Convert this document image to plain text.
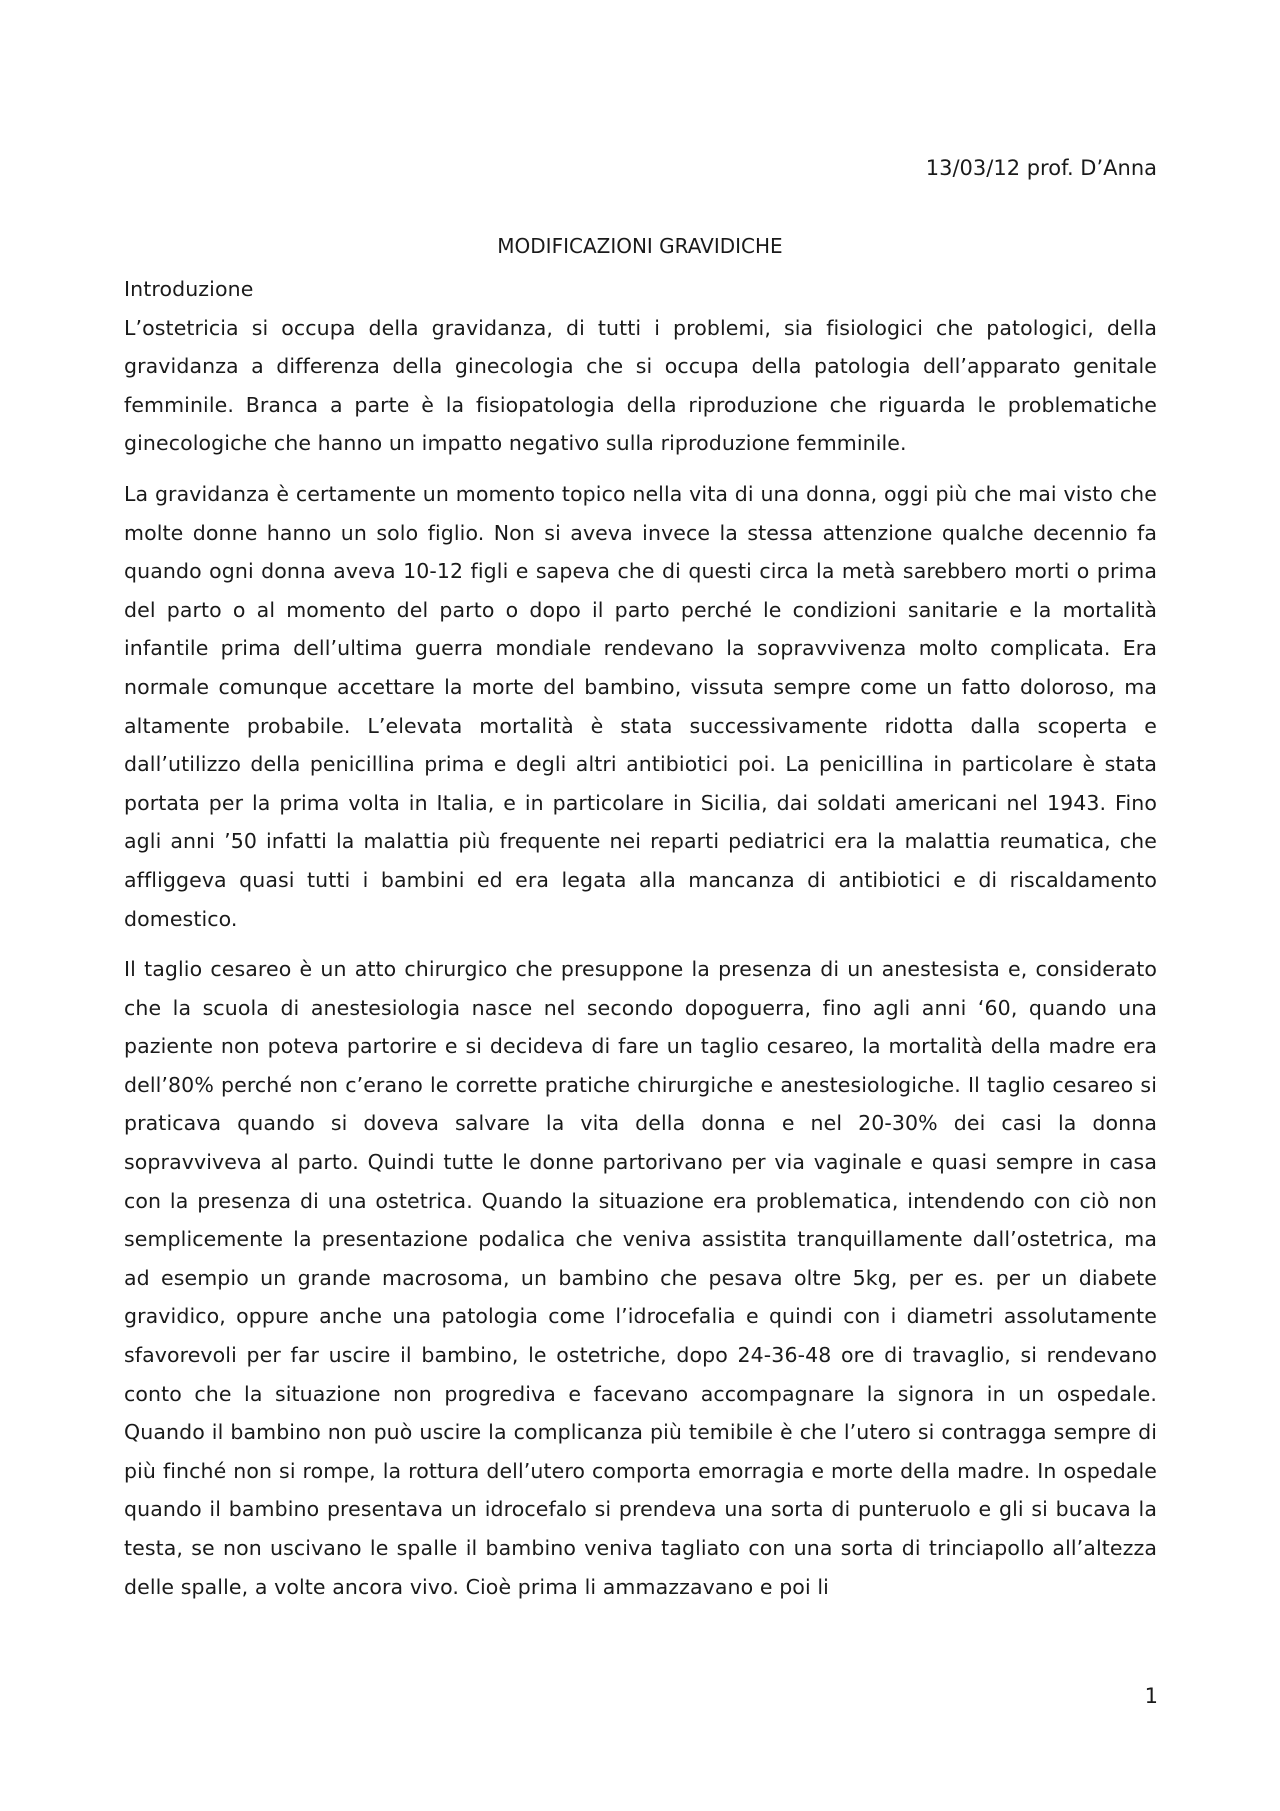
13/03/12 prof. D’Anna
MODIFICAZIONI GRAVIDICHE

Introduzione

L’ostetricia si occupa della gravidanza, di tutti i problemi, sia fisiologici che patologici, della gravidanza a differenza della ginecologia che si occupa della patologia dell’apparato genitale femminile. Branca a parte è la fisiopatologia della riproduzione che riguarda le problematiche ginecologiche che hanno un impatto negativo sulla riproduzione femminile.

La gravidanza è certamente un momento topico nella vita di una donna, oggi più che mai visto che molte donne hanno un solo figlio. Non si aveva invece la stessa attenzione qualche decennio fa quando ogni donna aveva 10-12 figli e sapeva che di questi circa la metà sarebbero morti o prima del parto o al momento del parto o dopo il parto perché le condizioni sanitarie e la mortalità infantile prima dell’ultima guerra mondiale rendevano la sopravvivenza molto complicata. Era normale comunque accettare la morte del bambino, vissuta sempre come un fatto doloroso, ma altamente probabile. L’elevata mortalità è stata successivamente ridotta dalla scoperta e dall’utilizzo della penicillina prima e degli altri antibiotici poi. La penicillina in particolare è stata portata per la prima volta in Italia, e in particolare in Sicilia, dai soldati americani nel 1943. Fino agli anni ’50 infatti la malattia più frequente nei reparti pediatrici era la malattia reumatica, che affliggeva quasi tutti i bambini ed era legata alla mancanza di antibiotici e di riscaldamento domestico.

Il taglio cesareo è un atto chirurgico che presuppone la presenza di un anestesista e, considerato che la scuola di anestesiologia nasce nel secondo dopoguerra, fino agli anni ‘60, quando una paziente non poteva partorire e si decideva di fare un taglio cesareo, la mortalità della madre era dell’80% perché non c’erano le corrette pratiche chirurgiche e anestesiologiche. Il taglio cesareo si praticava quando si doveva salvare la vita della donna e nel 20-30% dei casi la donna sopravviveva al parto. Quindi tutte le donne partorivano per via vaginale e quasi sempre in casa con la presenza di una ostetrica. Quando la situazione era problematica, intendendo con ciò non semplicemente la presentazione podalica che veniva assistita tranquillamente dall’ostetrica, ma ad esempio un grande macrosoma, un bambino che pesava oltre 5kg, per es. per un diabete gravidico, oppure anche una patologia come l’idrocefalia e quindi con i diametri assolutamente sfavorevoli per far uscire il bambino, le ostetriche, dopo 24-36-48 ore di travaglio, si rendevano conto che la situazione non progrediva e facevano accompagnare la signora in un ospedale. Quando il bambino non può uscire la complicanza più temibile è che l’utero si contragga sempre di più finché non si rompe, la rottura dell’utero comporta emorragia e morte della madre. In ospedale quando il bambino presentava un idrocefalo si prendeva una sorta di punteruolo e gli si bucava la testa, se non uscivano le spalle il bambino veniva tagliato con una sorta di trinciapollo all’altezza delle spalle, a volte ancora vivo. Cioè prima li ammazzavano e poi li

1
